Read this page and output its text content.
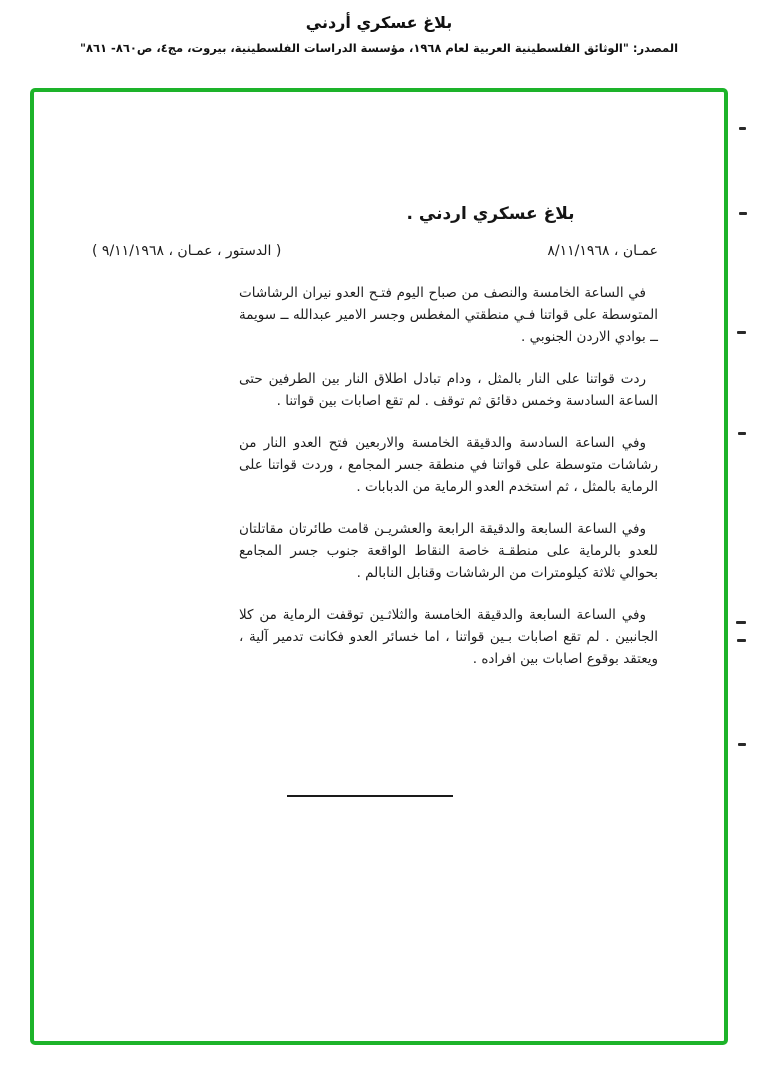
بلاغ عسكري أردني
المصدر: "الوثائق الفلسطينية العربية لعام ١٩٦٨، مؤسسة الدراسات الفلسطينية، بيروت، مج٤، ص٨٦٠- ٨٦١"
بلاغ عسكري اردني .
عمـان ، ٨/١١/١٩٦٨
( الدستور ، عمـان ، ٩/١١/١٩٦٨ )

في الساعة الخامسة والنصف من صباح اليوم فتـح العدو نيران الرشاشات المتوسطة على قواتنا فـي منطقتي المغطس وجسر الامير عبدالله ــ سويمة ــ بوادي الاردن الجنوبي .

ردت قواتنا على النار بالمثل ، ودام تبادل اطلاق النار بين الطرفين حتى الساعة السادسة وخمس دقائق ثم توقف . لم تقع اصابات بين قواتنا .

وفي الساعة السادسة والدقيقة الخامسة والاربعين فتح العدو النار من رشاشات متوسطة على قواتنا في منطقة جسر المجامع ، وردت قواتنا على الرماية بالمثل ، ثم استخدم العدو الرماية من الدبابات .

وفي الساعة السابعة والدقيقة الرابعة والعشريـن قامت طائرتان مقاتلتان للعدو بالرماية على منطقـة خاصة النقاط الواقعة جنوب جسر المجامع بحوالي ثلاثة كيلومترات من الرشاشات وقنابل النابالم .

وفي الساعة السابعة والدقيقة الخامسة والثلاثـين توقفت الرماية من كلا الجانبين . لم تقع اصابات بـين قواتنا ، اما خسائر العدو فكانت تدمير آلية ، ويعتقد بوقوع اصابات بين افراده .
